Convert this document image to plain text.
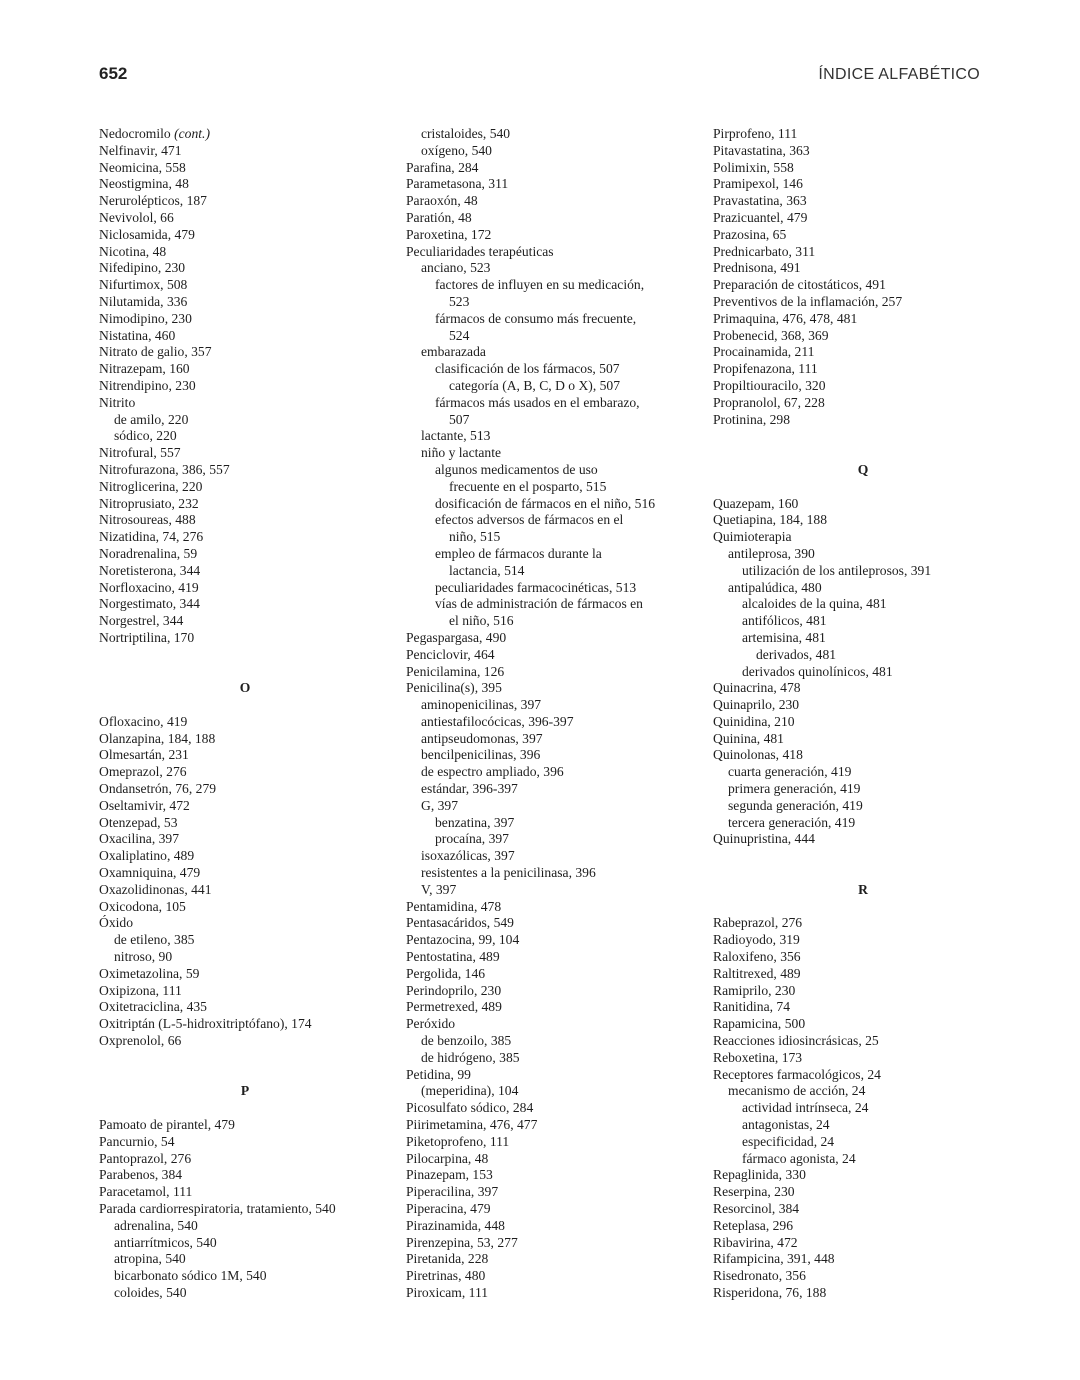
652	ÍNDICE ALFABÉTICO
Nedocromilo (cont.)
Nelfinavir, 471
Neomicina, 558
Neostigmina, 48
Nerurolépticos, 187
Nevivolol, 66
Niclosamida, 479
Nicotina, 48
Nifedipino, 230
Nifurtimox, 508
Nilutamida, 336
Nimodipino, 230
Nistatina, 460
Nitrato de galio, 357
Nitrazepam, 160
Nitrendipino, 230
Nitrito
de amilo, 220
sódico, 220
Nitrofural, 557
Nitrofurazona, 386, 557
Nitroglicerina, 220
Nitroprusiato, 232
Nitrosoureas, 488
Nizatidina, 74, 276
Noradrenalina, 59
Noretisterona, 344
Norfloxacino, 419
Norgestimato, 344
Norgestrel, 344
Nortriptilina, 170
O
Ofloxacino, 419
Olanzapina, 184, 188
Olmesartán, 231
Omeprazol, 276
Ondansetrón, 76, 279
Oseltamivir, 472
Otenzepad, 53
Oxacilina, 397
Oxaliplatino, 489
Oxamniquina, 479
Oxazolidinonas, 441
Oxicodona, 105
Óxido
de etileno, 385
nitroso, 90
Oximetazolina, 59
Oxipizona, 111
Oxitetraciclina, 435
Oxitriptán (L-5-hidroxitriptófano), 174
Oxprenolol, 66
P
Pamoato de pirantel, 479
Pancurnio, 54
Pantoprazol, 276
Parabenos, 384
Paracetamol, 111
Parada cardiorrespiratoria, tratamiento, 540
adrenalina, 540
antiarrítmicos, 540
atropina, 540
bicarbonato sódico 1M, 540
coloides, 540
cristaloides, 540
oxígeno, 540
Parafina, 284
Parametasona, 311
Paraoxón, 48
Paratión, 48
Paroxetina, 172
Peculiaridades terapéuticas
anciano, 523
factores de influyen en su medicación,
523
fármacos de consumo más frecuente,
524
embarazada
clasificación de los fármacos, 507
categoría (A, B, C, D o X), 507
fármacos más usados en el embarazo,
507
lactante, 513
niño y lactante
algunos medicamentos de uso
frecuente en el posparto, 515
dosificación de fármacos en el niño, 516
efectos adversos de fármacos en el
niño, 515
empleo de fármacos durante la
lactancia, 514
peculiaridades farmacocinéticas, 513
vías de administración de fármacos en
el niño, 516
Pegaspargasa, 490
Penciclovir, 464
Penicilamina, 126
Penicilina(s), 395
aminopenicilinas, 397
antiestafilocócicas, 396-397
antipseudomonas, 397
bencilpenicilinas, 396
de espectro ampliado, 396
estándar, 396-397
G, 397
benzatina, 397
procaína, 397
isoxazólicas, 397
resistentes a la penicilinasa, 396
V, 397
Pentamidina, 478
Pentasacáridos, 549
Pentazocina, 99, 104
Pentostatina, 489
Pergolida, 146
Perindoprilo, 230
Permetrexed, 489
Peróxido
de benzoilo, 385
de hidrógeno, 385
Petidina, 99
(meperidina), 104
Picosulfato sódico, 284
Piirimetamina, 476, 477
Piketoprofeno, 111
Pilocarpina, 48
Pinazepam, 153
Piperacilina, 397
Piperacina, 479
Pirazinamida, 448
Pirenzepina, 53, 277
Piretanida, 228
Piretrinas, 480
Piroxicam, 111
Pirprofeno, 111
Pitavastatina, 363
Polimixin, 558
Pramipexol, 146
Pravastatina, 363
Prazicuantel, 479
Prazosina, 65
Prednicarbato, 311
Prednisona, 491
Preparación de citostáticos, 491
Preventivos de la inflamación, 257
Primaquina, 476, 478, 481
Probenecid, 368, 369
Procainamida, 211
Propifenazona, 111
Propiltiouracilo, 320
Propranolol, 67, 228
Protinina, 298
Q
Quazepam, 160
Quetiapina, 184, 188
Quimioterapia
antileprosa, 390
utilización de los antileprosos, 391
antipalúdica, 480
alcaloides de la quina, 481
antifólicos, 481
artemisina, 481
derivados, 481
derivados quinolínicos, 481
Quinacrina, 478
Quinaprilo, 230
Quinidina, 210
Quinina, 481
Quinolonas, 418
cuarta generación, 419
primera generación, 419
segunda generación, 419
tercera generación, 419
Quinupristina, 444
R
Rabeprazol, 276
Radioyodo, 319
Raloxifeno, 356
Raltitrexed, 489
Ramiprilo, 230
Ranitidina, 74
Rapamicina, 500
Reacciones idiosincrásicas, 25
Reboxetina, 173
Receptores farmacológicos, 24
mecanismo de acción, 24
actividad intrínseca, 24
antagonistas, 24
especificidad, 24
fármaco agonista, 24
Repaglinida, 330
Reserpina, 230
Resorcinol, 384
Reteplasa, 296
Ribavirina, 472
Rifampicina, 391, 448
Risedronato, 356
Risperidona, 76, 188
